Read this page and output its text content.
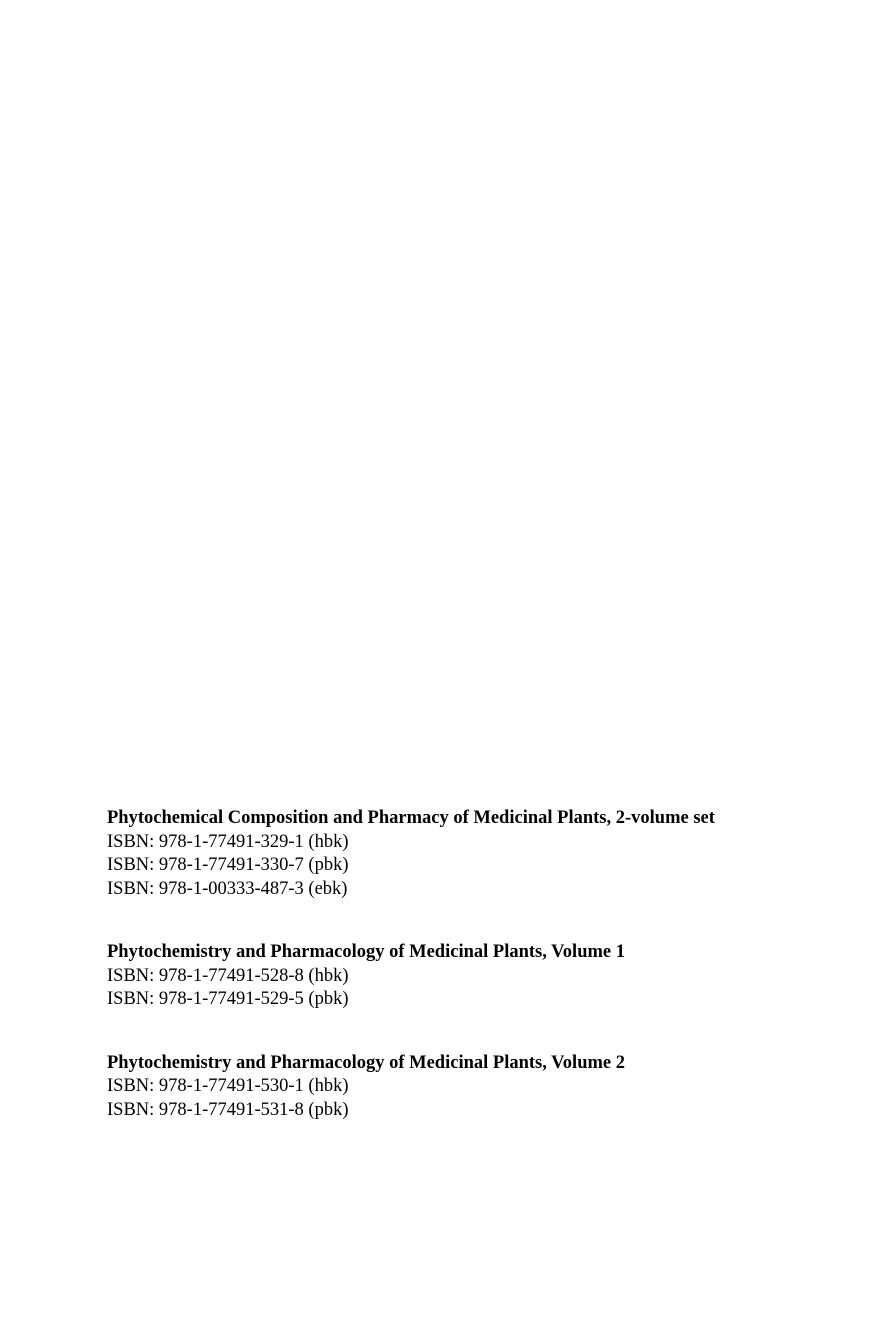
Phytochemical Composition and Pharmacy of Medicinal Plants, 2-volume set
ISBN: 978-1-77491-329-1 (hbk)
ISBN: 978-1-77491-330-7 (pbk)
ISBN: 978-1-00333-487-3 (ebk)
Phytochemistry and Pharmacology of Medicinal Plants, Volume 1
ISBN: 978-1-77491-528-8 (hbk)
ISBN: 978-1-77491-529-5 (pbk)
Phytochemistry and Pharmacology of Medicinal Plants, Volume 2
ISBN: 978-1-77491-530-1 (hbk)
ISBN: 978-1-77491-531-8 (pbk)
